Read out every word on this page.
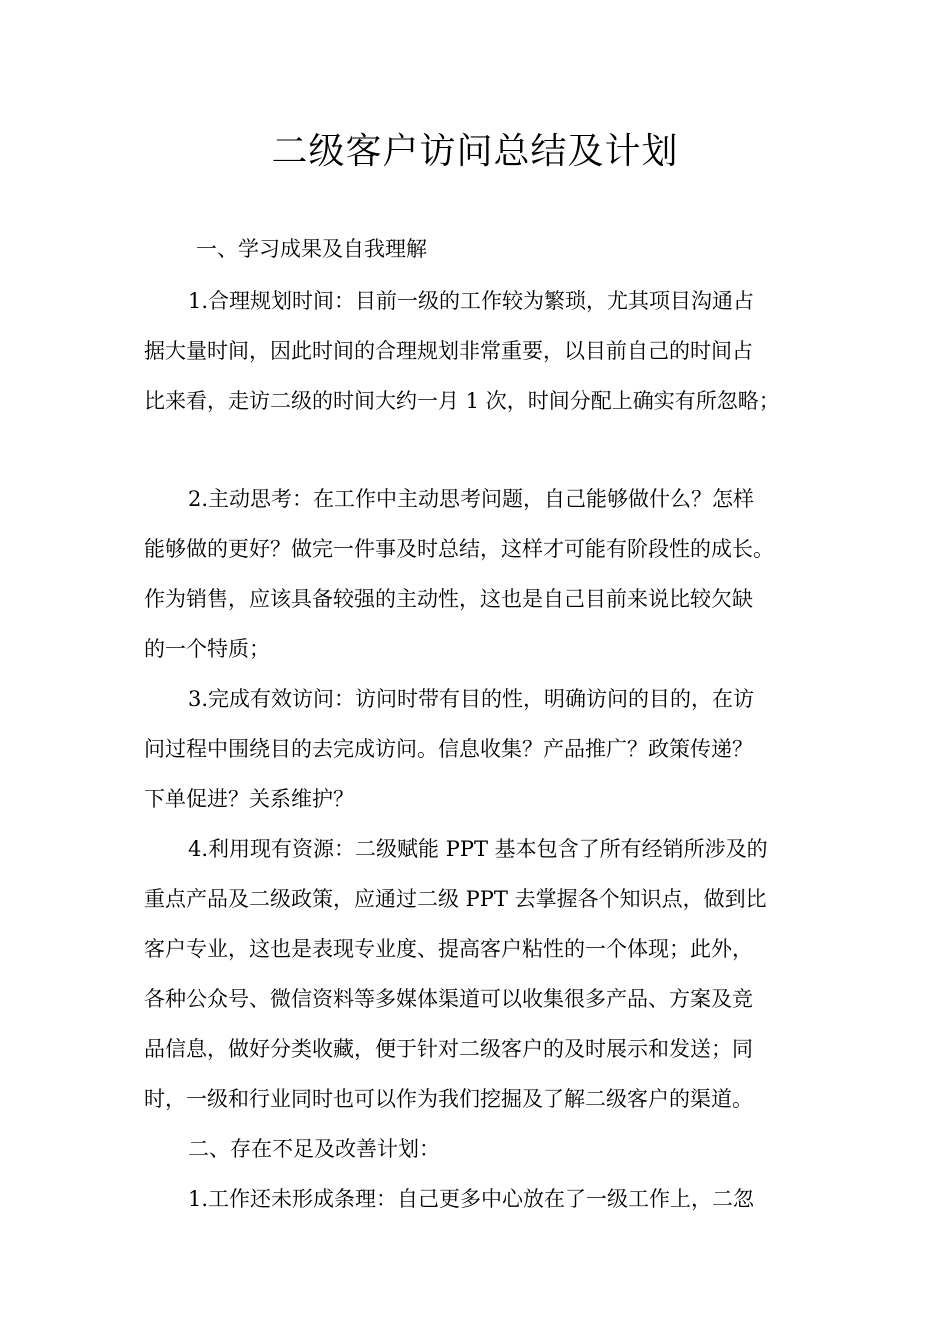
二级客户访问总结及计划
一、学习成果及自我理解
1.合理规划时间：目前一级的工作较为繁琐，尤其项目沟通占
据大量时间，因此时间的合理规划非常重要，以目前自己的时间占
比来看，走访二级的时间大约一月 1 次，时间分配上确实有所忽略；
2.主动思考：在工作中主动思考问题，自己能够做什么？怎样
能够做的更好？做完一件事及时总结，这样才可能有阶段性的成长。
作为销售，应该具备较强的主动性，这也是自己目前来说比较欠缺
的一个特质；
3.完成有效访问：访问时带有目的性，明确访问的目的，在访
问过程中围绕目的去完成访问。信息收集？产品推广？政策传递？
下单促进？关系维护？
4.利用现有资源：二级赋能 PPT 基本包含了所有经销所涉及的
重点产品及二级政策，应通过二级 PPT 去掌握各个知识点，做到比
客户专业，这也是表现专业度、提高客户粘性的一个体现；此外，
各种公众号、微信资料等多媒体渠道可以收集很多产品、方案及竞
品信息，做好分类收藏，便于针对二级客户的及时展示和发送；同
时，一级和行业同时也可以作为我们挖掘及了解二级客户的渠道。
二、存在不足及改善计划：
1.工作还未形成条理：自己更多中心放在了一级工作上，二忽
